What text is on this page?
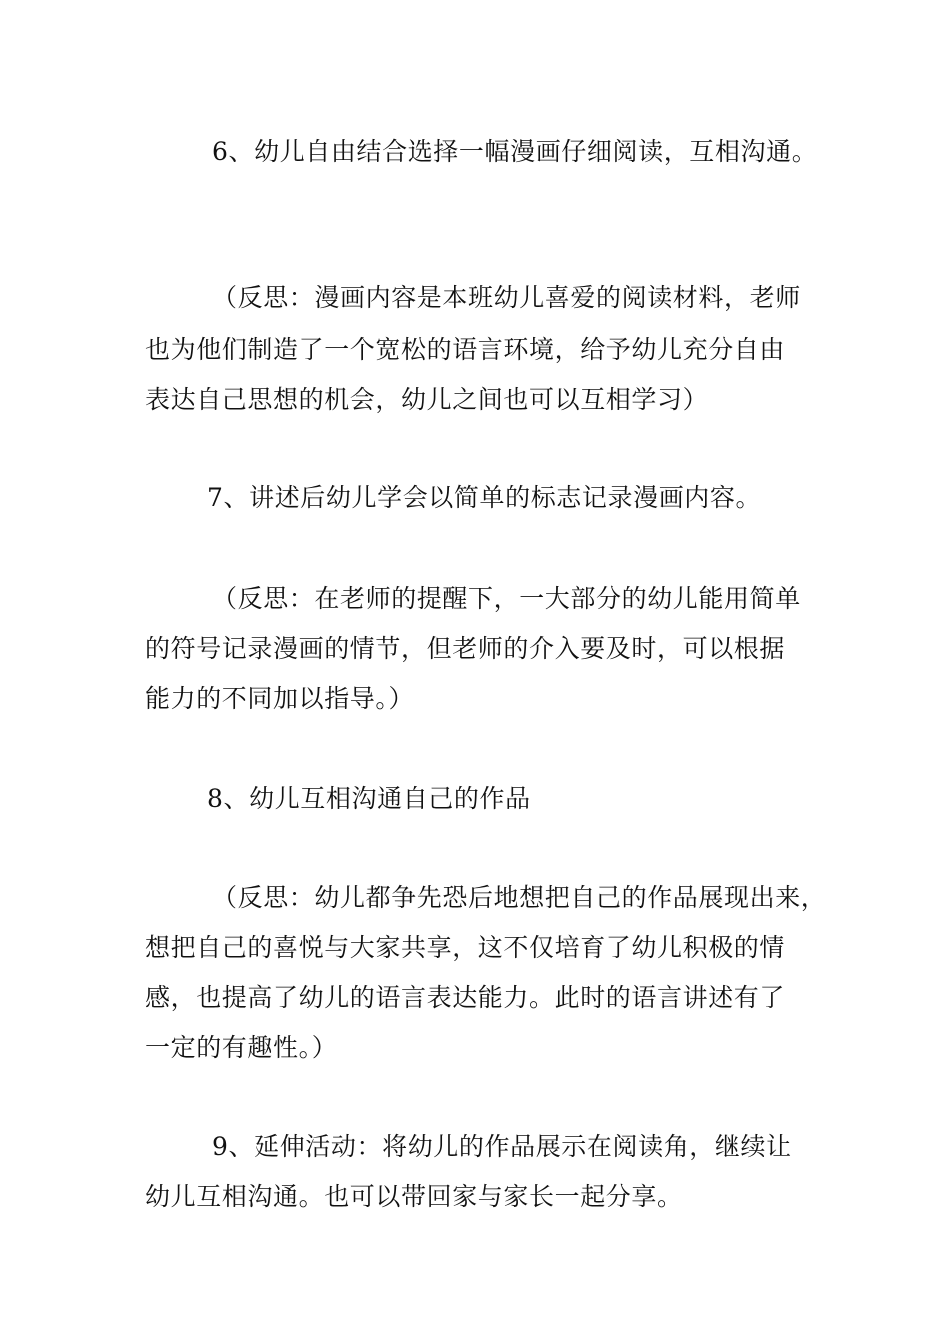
6、幼儿自由结合选择一幅漫画仔细阅读，互相沟通。
（反思：漫画内容是本班幼儿喜爱的阅读材料，老师
也为他们制造了一个宽松的语言环境，给予幼儿充分自由
表达自己思想的机会，幼儿之间也可以互相学习）
7、讲述后幼儿学会以简单的标志记录漫画内容。
（反思：在老师的提醒下，一大部分的幼儿能用简单
的符号记录漫画的情节，但老师的介入要及时，可以根据
能力的不同加以指导。）
8、幼儿互相沟通自己的作品
（反思：幼儿都争先恐后地想把自己的作品展现出来，
想把自己的喜悦与大家共享，这不仅培育了幼儿积极的情
感，也提高了幼儿的语言表达能力。此时的语言讲述有了
一定的有趣性。）
9、延伸活动：将幼儿的作品展示在阅读角，继续让
幼儿互相沟通。也可以带回家与家长一起分享。
